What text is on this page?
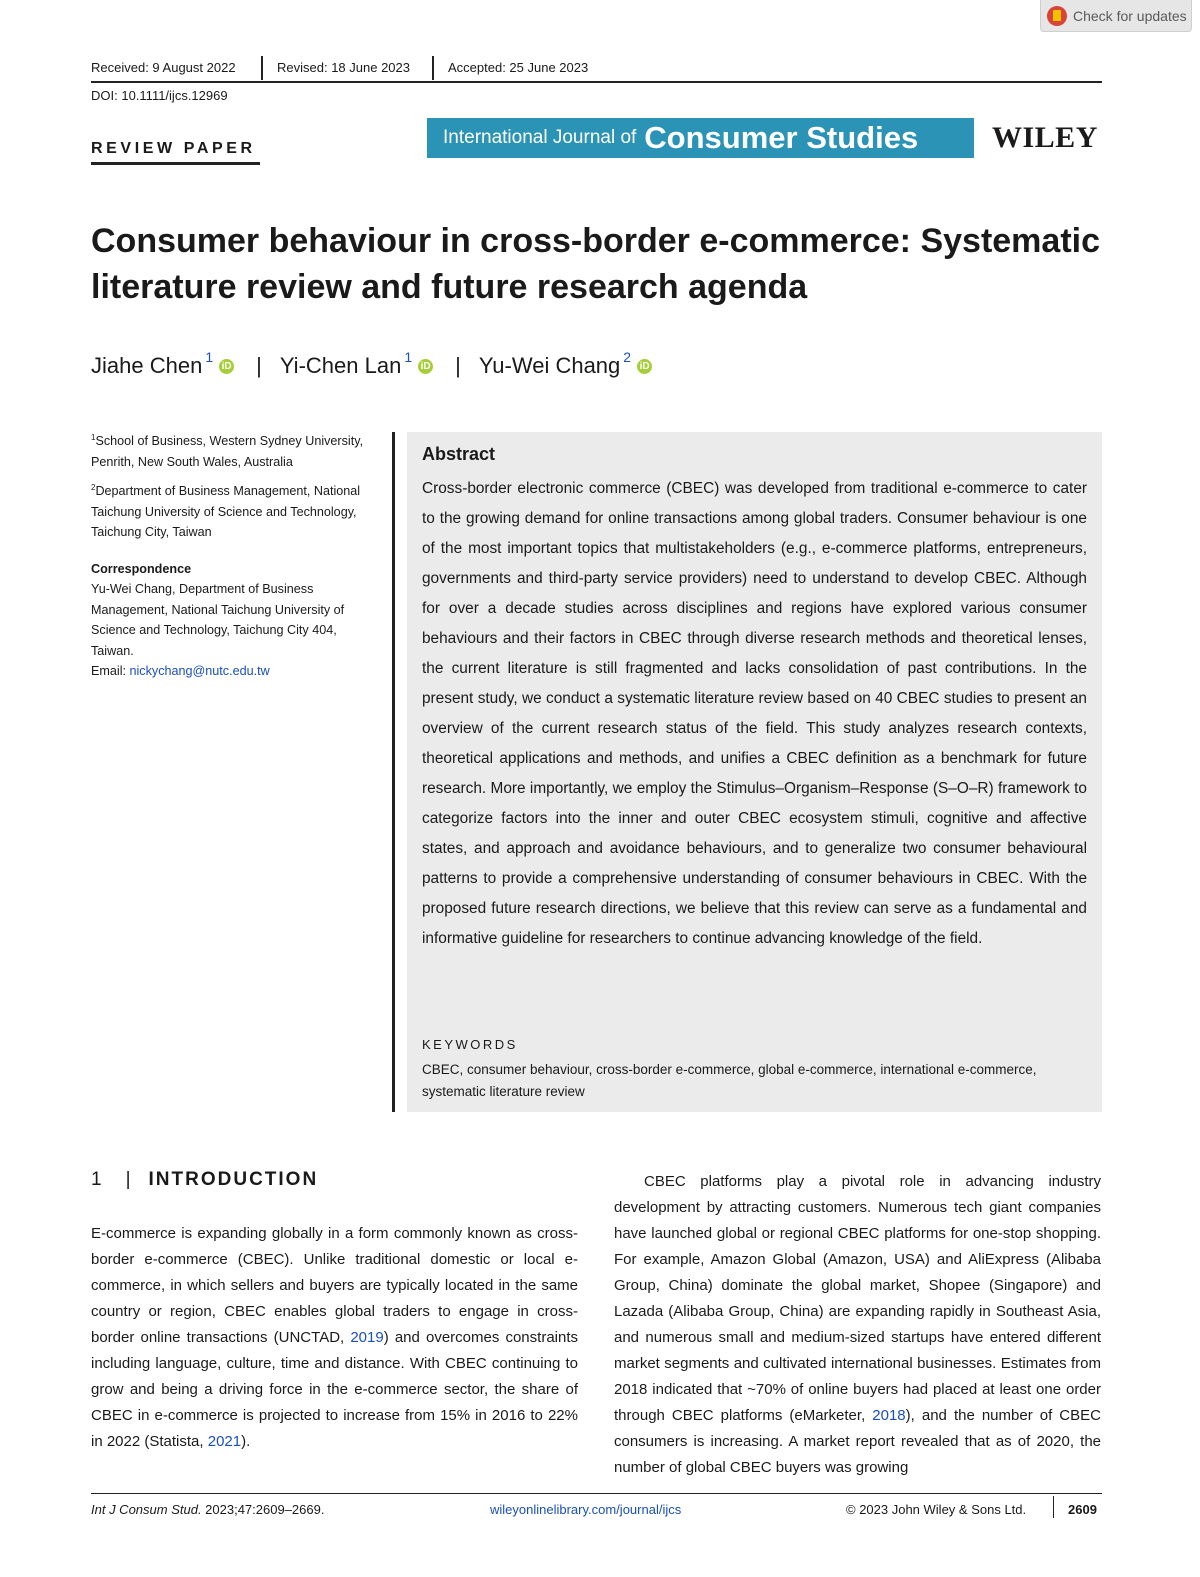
Check for updates
Received: 9 August 2022	Revised: 18 June 2023	Accepted: 25 June 2023
DOI: 10.1111/ijcs.12969
REVIEW PAPER
International Journal of Consumer Studies WILEY
Consumer behaviour in cross-border e-commerce: Systematic literature review and future research agenda
Jiahe Chen$^1$
iD | Yi-Chen Lan$^1$
iD | Yu-Wei Chang$^2$
iD

$^1$School of Business, Western Sydney University, Penrith, New South Wales, Australia

$^2$Department of Business Management, National Taichung University of Science and Technology, Taichung City, Taiwan

Correspondence

Yu-Wei Chang, Department of Business Management, National Taichung University of Science and Technology, Taichung City 404, Taiwan.

Email: nickychang@nutc.edu.tw

Abstract
Cross-border electronic commerce (CBEC) was developed from traditional e-commerce to cater to the growing demand for online transactions among global traders. Consumer behaviour is one of the most important topics that multistakeholders (e.g., e-commerce platforms, entrepreneurs, governments and third-party service providers) need to understand to develop CBEC. Although for over a decade studies across disciplines and regions have explored various consumer behaviours and their factors in CBEC through diverse research methods and theoretical lenses, the current literature is still fragmented and lacks consolidation of past contributions. In the present study, we conduct a systematic literature review based on 40 CBEC studies to present an overview of the current research status of the field. This study analyzes research contexts, theoretical applications and methods, and unifies a CBEC definition as a benchmark for future research. More importantly, we employ the Stimulus–Organism–Response (S–O–R) framework to categorize factors into the inner and outer CBEC ecosystem stimuli, cognitive and affective states, and approach and avoidance behaviours, and to generalize two consumer behavioural patterns to provide a comprehensive understanding of consumer behaviours in CBEC. With the proposed future research directions, we believe that this review can serve as a fundamental and informative guideline for researchers to continue advancing knowledge of the field.
KEYWORDS
CBEC, consumer behaviour, cross-border e-commerce, global e-commerce, international e-commerce, systematic literature review
1 | INTRODUCTION

E-commerce is expanding globally in a form commonly known as cross-border e-commerce (CBEC). Unlike traditional domestic or local e-commerce, in which sellers and buyers are typically located in the same country or region, CBEC enables global traders to engage in cross-border online transactions (UNCTAD, 2019) and overcomes constraints including language, culture, time and distance. With CBEC continuing to grow and being a driving force in the e-commerce sector, the share of CBEC in e-commerce is projected to increase from 15% in 2016 to 22% in 2022 (Statista, 2021).

CBEC platforms play a pivotal role in advancing industry development by attracting customers. Numerous tech giant companies have launched global or regional CBEC platforms for one-stop shopping. For example, Amazon Global (Amazon, USA) and AliExpress (Alibaba Group, China) dominate the global market, Shopee (Singapore) and Lazada (Alibaba Group, China) are expanding rapidly in Southeast Asia, and numerous small and medium-sized startups have entered different market segments and cultivated international businesses. Estimates from 2018 indicated that ~70% of online buyers had placed at least one order through CBEC platforms (eMarketer, 2018), and the number of CBEC consumers is increasing. A market report revealed that as of 2020, the number of global CBEC buyers was growing

Int J Consum Stud. 2023;47:2609–2669.	wileyonlinelibrary.com/journal/ijcs	© 2023 John Wiley & Sons Ltd.	2609
